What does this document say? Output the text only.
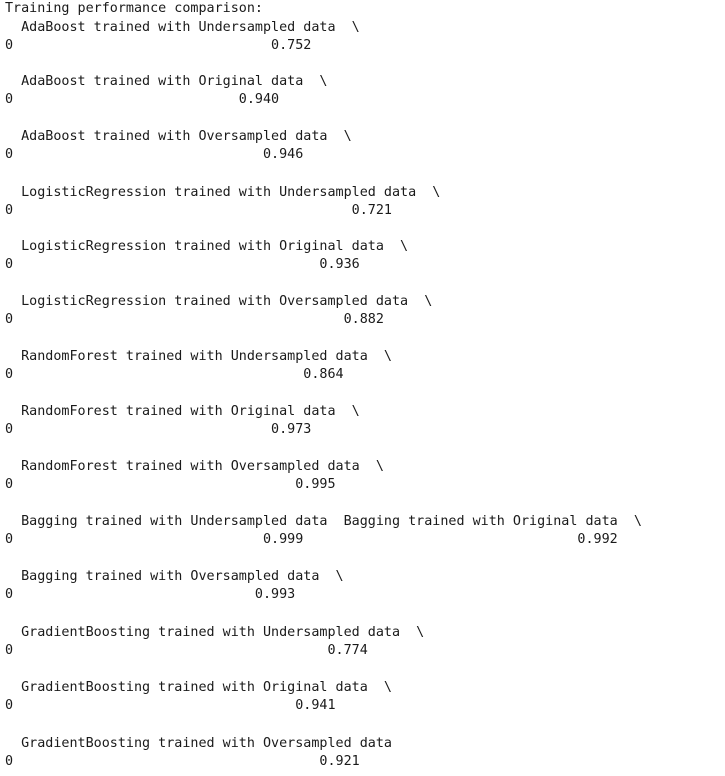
Training performance comparison:
AdaBoost trained with Undersampled data  \
0                                0.752
AdaBoost trained with Original data  \
0                            0.940
AdaBoost trained with Oversampled data  \
0                               0.946
LogisticRegression trained with Undersampled data  \
0                                          0.721
LogisticRegression trained with Original data  \
0                                      0.936
LogisticRegression trained with Oversampled data  \
0                                         0.882
RandomForest trained with Undersampled data  \
0                                    0.864
RandomForest trained with Original data  \
0                                0.973
RandomForest trained with Oversampled data  \
0                                   0.995
Bagging trained with Undersampled data  Bagging trained with Original data  \
0                               0.999                                  0.992
Bagging trained with Oversampled data  \
0                              0.993
GradientBoosting trained with Undersampled data  \
0                                       0.774
GradientBoosting trained with Original data  \
0                                   0.941
GradientBoosting trained with Oversampled data
0                                      0.921
